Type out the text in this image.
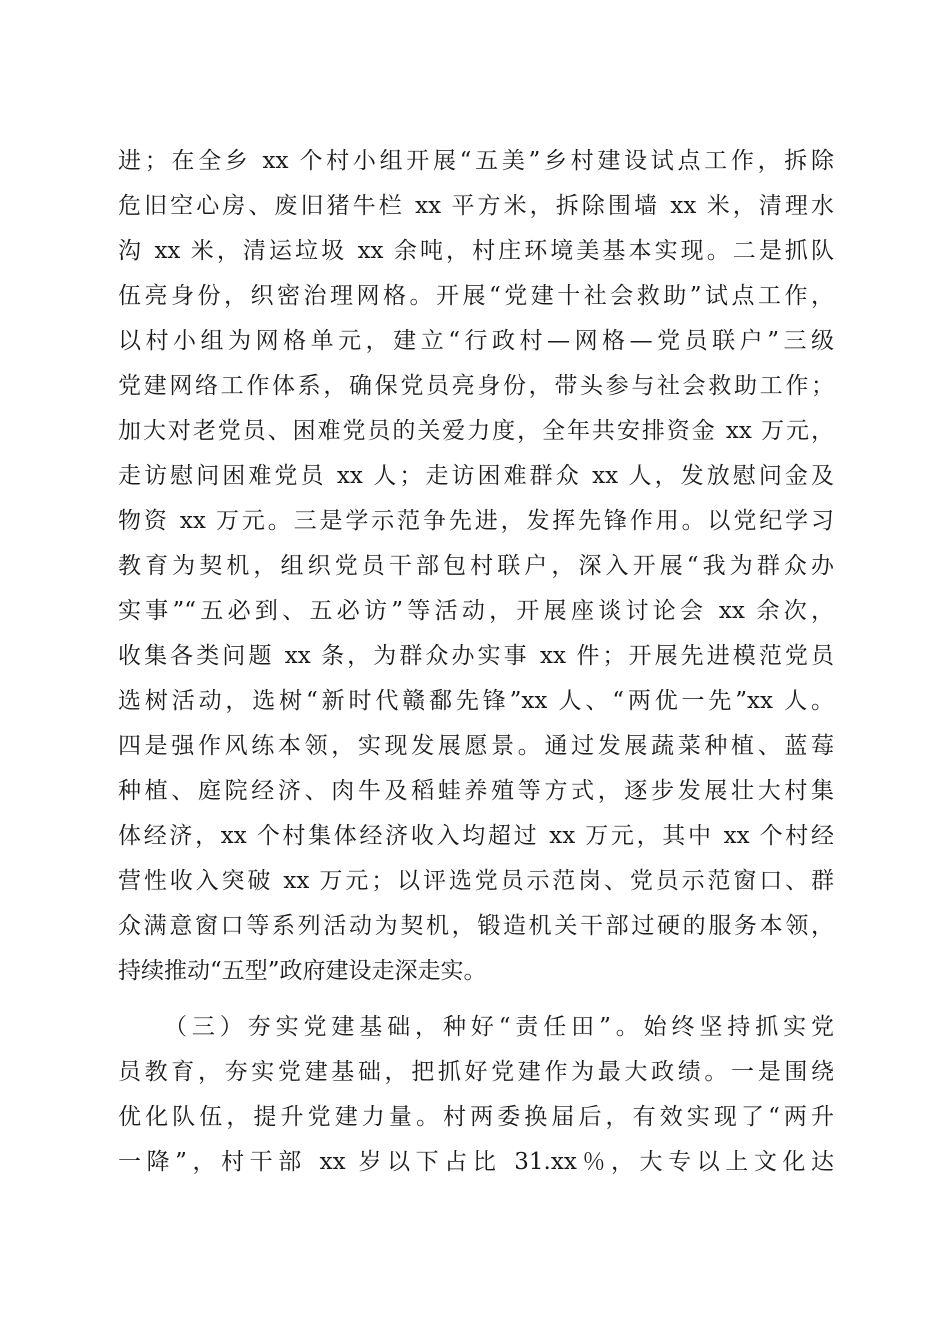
进；在全乡 xx 个村小组开展“五美”乡村建设试点工作，拆除
危旧空心房、废旧猪牛栏 xx 平方米，拆除围墙 xx 米，清理水
沟 xx 米，清运垃圾 xx 余吨，村庄环境美基本实现。二是抓队
伍亮身份，织密治理网格。开展“党建十社会救助”试点工作，
以村小组为网格单元，建立“行政村—网格—党员联户”三级
党建网络工作体系，确保党员亮身份，带头参与社会救助工作；
加大对老党员、困难党员的关爱力度，全年共安排资金 xx 万元，
走访慰问困难党员 xx 人；走访困难群众 xx 人，发放慰问金及
物资 xx 万元。三是学示范争先进，发挥先锋作用。以党纪学习
教育为契机，组织党员干部包村联户，深入开展“我为群众办
实事”“五必到、五必访”等活动，开展座谈讨论会 xx 余次，
收集各类问题 xx 条，为群众办实事 xx 件；开展先进模范党员
选树活动，选树“新时代赣鄱先锋”xx 人、“两优一先”xx 人。
四是强作风练本领，实现发展愿景。通过发展蔬菜种植、蓝莓
种植、庭院经济、肉牛及稻蛙养殖等方式，逐步发展壮大村集
体经济，xx 个村集体经济收入均超过 xx 万元，其中 xx 个村经
营性收入突破 xx 万元；以评选党员示范岗、党员示范窗口、群
众满意窗口等系列活动为契机，锻造机关干部过硬的服务本领，
持续推动“五型”政府建设走深走实。
（三）夯实党建基础，种好“责任田”。始终坚持抓实党
员教育，夯实党建基础，把抓好党建作为最大政绩。一是围绕
优化队伍，提升党建力量。村两委换届后，有效实现了“两升
一降”，村干部 xx 岁以下占比 31.xx％，大专以上文化达
